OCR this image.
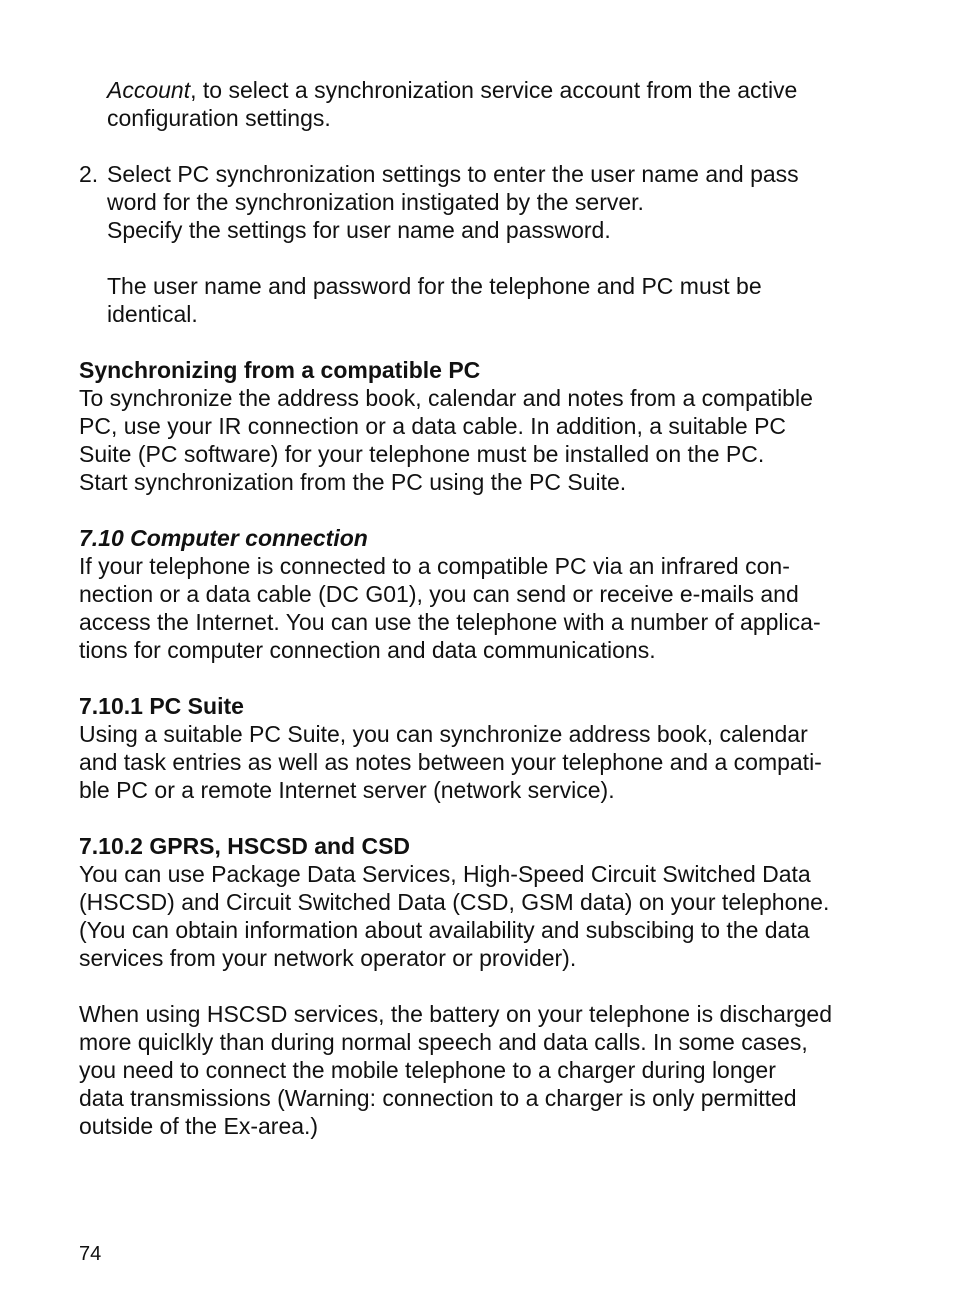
Account, to select a synchronization service account from the active
configuration settings.
2. Select PC synchronization settings to enter the user name and pass
word for the synchronization instigated by the server.
Specify the settings for user name and password.
The user name and password for the telephone and PC must be
identical.
Synchronizing from a compatible PC
To synchronize the address book, calendar and notes from a compatible
PC, use your IR connection or a data cable. In addition, a suitable PC
Suite (PC software) for your telephone must be installed on the PC.
Start synchronization from the PC using the PC Suite.
7.10 Computer connection
If your telephone is connected to a compatible PC via an infrared con-
nection or a data cable (DC G01), you can send or receive e-mails and
access the Internet. You can use the telephone with a number of applica-
tions for computer connection and data communications.
7.10.1 PC Suite
Using a suitable PC Suite, you can synchronize address book, calendar
and task entries as well as notes between your telephone and a compati-
ble PC or a remote Internet server (network service).
7.10.2 GPRS, HSCSD and CSD
You can use Package Data Services, High-Speed Circuit Switched Data
(HSCSD) and Circuit Switched Data (CSD, GSM data) on your telephone.
(You can obtain information about availability and subscibing to the data
services from your network operator or provider).
When using HSCSD services, the battery on your telephone is discharged
more quiclkly than during normal speech and data calls. In some cases,
you need to connect the mobile telephone to a charger during longer
data transmissions (Warning: connection to a charger is only permitted
outside of the Ex-area.)
74
